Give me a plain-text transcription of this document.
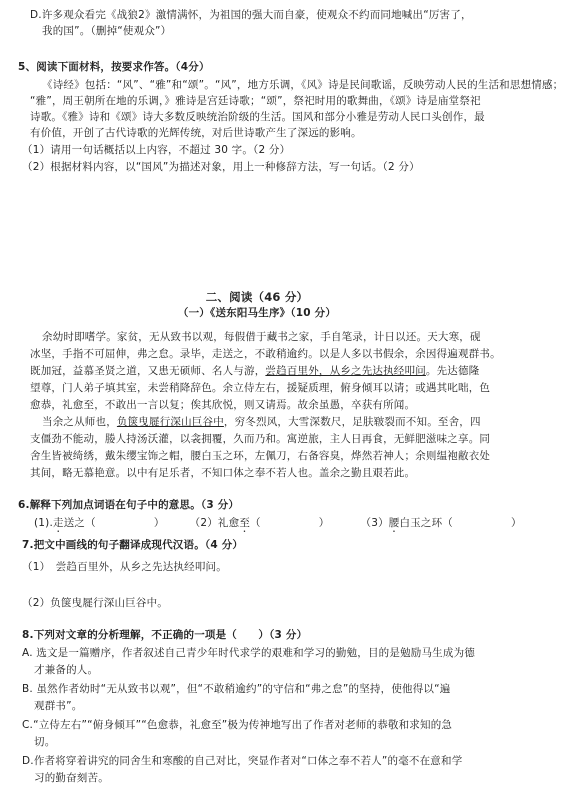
D.许多观众看完《战狼2》激情满怀，为祖国的强大而自豪，使观众不约而同地喊出“厉害了，
我的国”。（删掉“使观众”）
5、阅读下面材料，按要求作答。（4分）
《诗经》包括：“风”、“雅”和“颂”。“风”，地方乐调，《风》诗是民间歌谣，反映劳动人民的生活和思想情感；
“雅”，周王朝所在地的乐调，》雅诗是宫廷诗歌；“颂”，祭祀时用的歌舞曲，《颂》诗是庙堂祭祀
诗歌。《雅》诗和《颂》诗大多数反映统治阶级的生活。国风和部分小雅是劳动人民口头创作，最
有价值，开创了古代诗歌的光辉传统，对后世诗歌产生了深远的影响。
（1）请用一句话概括以上内容，不超过 30 字。（2 分）
（2）根据材料内容，以“国风”为描述对象，用上一种修辞方法，写一句话。（2 分）
二、阅读（46 分）
（一）《送东阳马生序》（10 分）
余幼时即嗜学。家贫，无从致书以观，每假借于藏书之家，手自笔录，计日以还。天大寒，砚
冰坚，手指不可屈伸，弗之怠。录毕，走送之，不敢稍逾约。以是人多以书假余，余因得遍观群书。
既加冠，益慕圣贤之道，又患无硕师、名人与游，尝趋百里外，从乡之先达执经叩问。先达德隆
望尊，门人弟子填其室，未尝稍降辞色。余立侍左右，援疑质理，俯身倾耳以请；或遇其叱咄，色
愈恭，礼愈至，不敢出一言以复；俟其欣悦，则又请焉。故余虽愚，卒获有所闻。
当余之从师也，负箧曳屣行深山巨谷中，穷冬烈风，大雪深数尺，足肤皲裂而不知。至舍，四
支僵劲不能动，媵人持汤沃灌，以衾拥覆，久而乃和。寓逆旅，主人日再食，无鲜肥滋味之享。同
舍生皆被绮绣，戴朱缨宝饰之帽，腰白玉之环，左佩刀，右备容臭，烨然若神人；余则缊袍敝衣处
其间，略无慕艳意。以中有足乐者，不知口体之奉不若人也。盖余之勤且艰若此。
6.解释下列加点词语在句子中的意思。（3 分）
(1).走送之（	） （2）礼愈至（	）	（3）腰白玉之环（	）
7.把文中画线的句子翻译成现代汉语。（4 分）
（1）　尝趋百里外，从乡之先达执经叩问。
（2）负箧曳屣行深山巨谷中。
8.下列对文章的分析理解，不正确的一项是（　　）（3 分）
A. 选文是一篇赠序，作者叙述自己青少年时代求学的艰难和学习的勤勉，目的是勉励马生成为德
才兼备的人。
B. 虽然作者幼时“无从致书以观”，但“不敢稍逾约”的守信和“弗之怠”的坚持，使他得以“遍
观群书”。
C.“立侍左右”“俯身倾耳”“色愈恭，礼愈至”极为传神地写出了作者对老师的恭敬和求知的急
切。
D.作者将穿着讲究的同舍生和寒酸的自己对比，突显作者对“口体之奉不若人”的毫不在意和学
习的勤奋刻苦。
